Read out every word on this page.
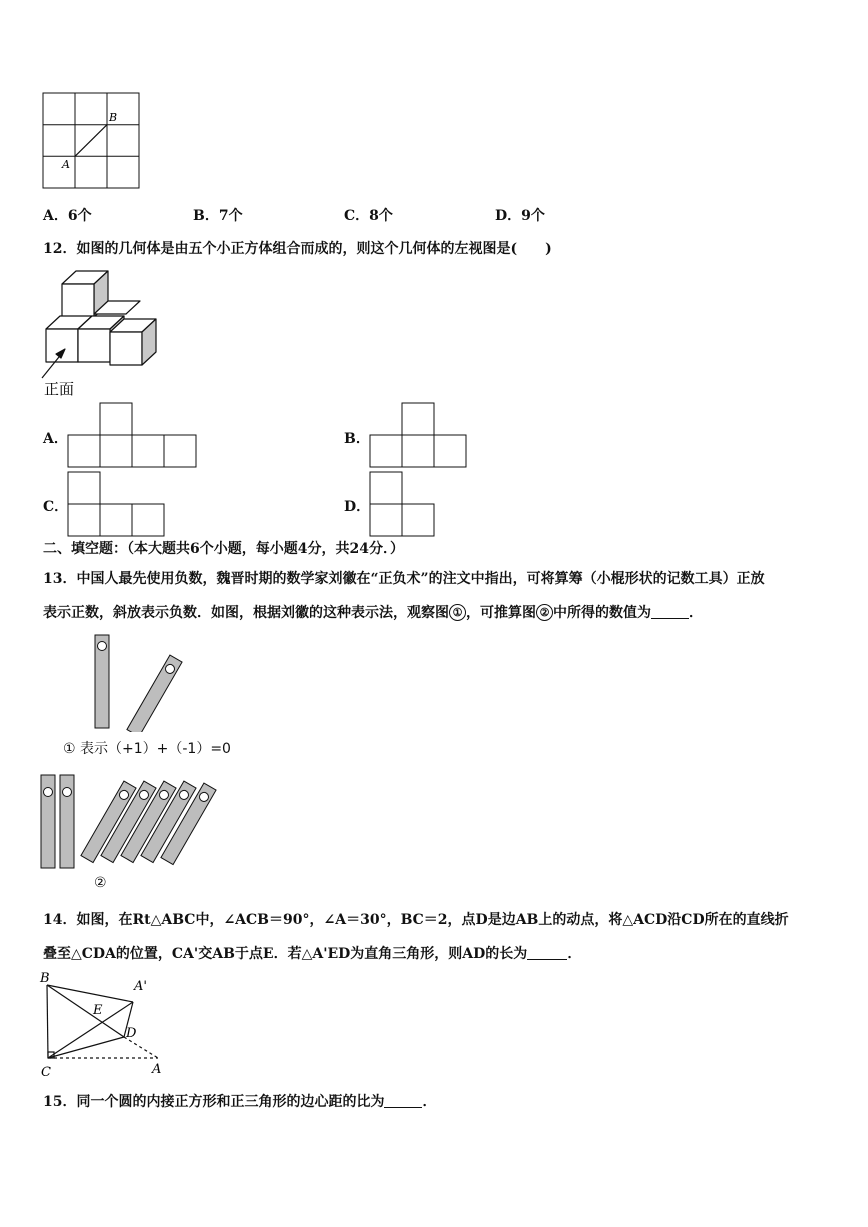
B
A
A．6个	B．7个	C．8个	D．9个
12．如图的几何体是由五个小正方体组合而成的，则这个几何体的左视图是(　　)
正面
A．	B．
C．	D．
二、填空题：（本大题共6个小题，每小题4分，共24分．）
13．中国人最先使用负数，魏晋时期的数学家刘徽在“正负术”的注文中指出，可将算筹（小棍形状的记数工具）正放
表示正数，斜放表示负数．如图，根据刘徽的这种表示法，观察图 ① ，可推算图 ② 中所得的数值为	．
① 表示（+1）+（-1）=0
②
14．如图，在Rt△ABC中，∠ACB＝90°，∠A＝30°，BC＝2，点D是边AB上的动点，将△ACD沿CD所在的直线折
叠至△CDA的位置，CA'交AB于点E．若△A'ED为直角三角形，则AD的长为	．
B
A'
E
D
C	A
15．同一个圆的内接正方形和正三角形的边心距的比为	．
